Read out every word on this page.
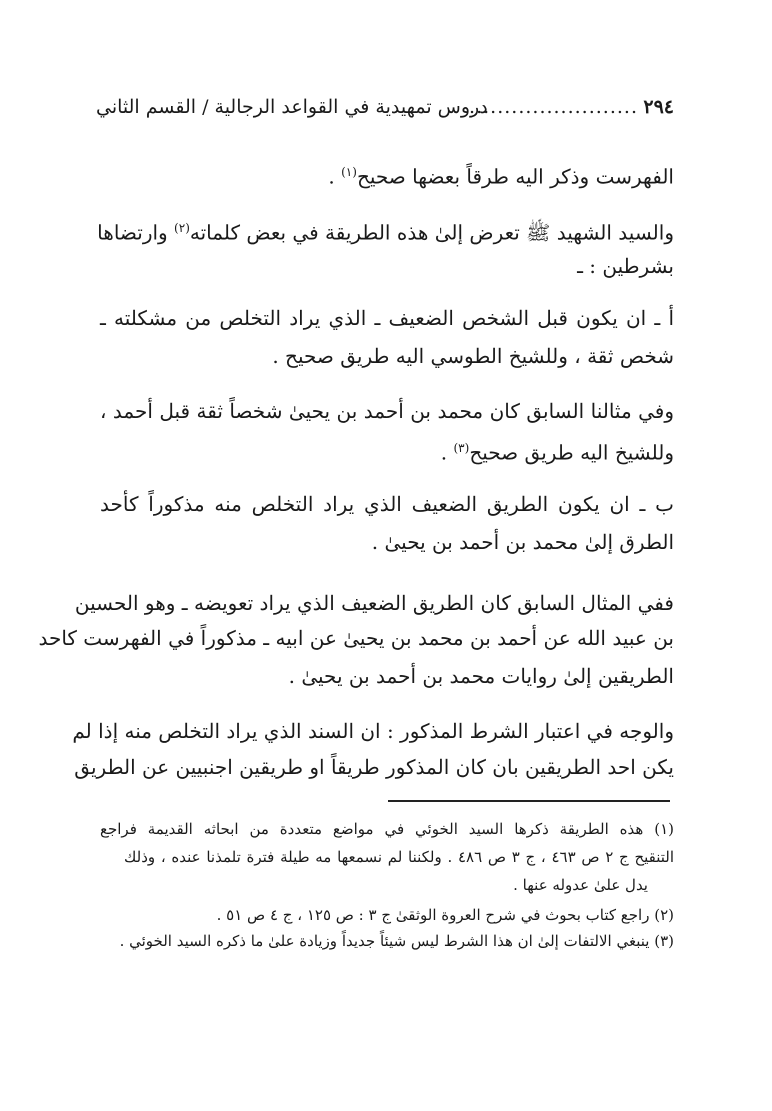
٢٩٤
........................
دروس تمهيدية في القواعد الرجالية / القسم الثاني
الفهرست وذكر اليه طرقاً بعضها صحيح$^{(١)}$ .
والسيد الشهيد ﷺ تعرض إلىٰ هذه الطريقة في بعض كلماته$^{(٢)}$ وارتضاها
بشرطين : ـ
أ ـ ان يكون قبل الشخص الضعيف ـ الذي يراد التخلص من مشكلته ـ
شخص ثقة ، وللشيخ الطوسي اليه طريق صحيح .
وفي مثالنا السابق كان محمد بن أحمد بن يحيىٰ شخصاً ثقة قبل أحمد ،
وللشيخ اليه طريق صحيح$^{(٣)}$ .
ب ـ ان يكون الطريق الضعيف الذي يراد التخلص منه مذكوراً كأحد
الطرق إلىٰ محمد بن أحمد بن يحيىٰ .
ففي المثال السابق كان الطريق الضعيف الذي يراد تعويضه ـ وهو الحسين
بن عبيد الله عن أحمد بن محمد بن يحيىٰ عن ابيه ـ مذكوراً في الفهرست كاحد
الطريقين إلىٰ روايات محمد بن أحمد بن يحيىٰ .
والوجه في اعتبار الشرط المذكور : ان السند الذي يراد التخلص منه إذا لم
يكن احد الطريقين بان كان المذكور طريقاً او طريقين اجنبيين عن الطريق
(١) هذه الطريقة ذكرها السيد الخوئي في مواضع متعددة من ابحاثه القديمة فراجع
التنقيح ج ٢ ص ٤٦٣ ، ج ٣ ص ٤٨٦ . ولكننا لم نسمعها مه طيلة فترة تلمذنا عنده ، وذلك
يدل علىٰ عدوله عنها .
(٢) راجع كتاب بحوث في شرح العروة الوثقىٰ ج ٣ : ص ١٢٥ ، ج ٤ ص ٥١ .
(٣) ينبغي الالتفات إلىٰ ان هذا الشرط ليس شيئاً جديداً وزيادة علىٰ ما ذكره السيد الخوئي .
